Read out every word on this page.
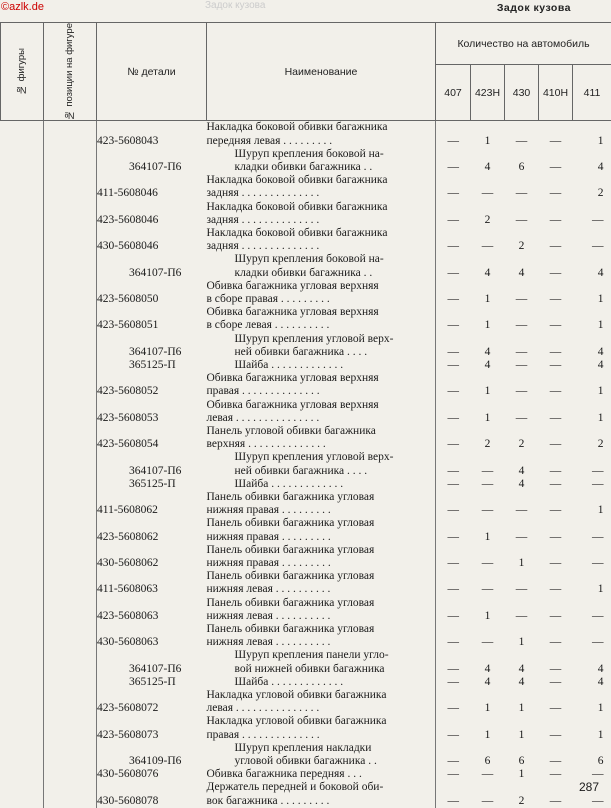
©azlk.de	Задок кузова	Задок кузова
№ фигуры	№ позиции на фигуре	№ детали	Наименование	Количество на автомобиль				
				407	423Н	430	410Н	411
		423-5608043	Накладка боковой обивки багажника
передняя левая . . . . . . . . .	—	1	—	—	1
		364107-П6	Шуруп крепления боковой на-
кладки обивки багажника . .	—	4	6	—	4
		411-5608046	Накладка боковой обивки багажника
задняя . . . . . . . . . . . . . .	—	—	—	—	2
		423-5608046	Накладка боковой обивки багажника
задняя . . . . . . . . . . . . . .	—	2	—	—	—
		430-5608046	Накладка боковой обивки багажника
задняя . . . . . . . . . . . . . .	—	—	2	—	—
		364107-П6	Шуруп крепления боковой на-
кладки обивки багажника . .	—	4	4	—	4
		423-5608050	Обивка багажника угловая верхняя
в сборе правая . . . . . . . . .	—	1	—	—	1
		423-5608051	Обивка багажника угловая верхняя
в сборе левая . . . . . . . . . .	—	1	—	—	1
		364107-П6	Шуруп крепления угловой верх-
ней обивки багажника . . . .	—	4	—	—	4
		365125-П	Шайба . . . . . . . . . . . . .	—	4	—	—	4
		423-5608052	Обивка багажника угловая верхняя
правая . . . . . . . . . . . . . .	—	1	—	—	1
		423-5608053	Обивка багажника угловая верхняя
левая . . . . . . . . . . . . . . .	—	1	—	—	1
		423-5608054	Панель угловой обивки багажника
верхняя . . . . . . . . . . . . . .	—	2	2	—	2
		364107-П6	Шуруп крепления угловой верх-
ней обивки багажника . . . .	—	—	4	—	—
		365125-П	Шайба . . . . . . . . . . . . .	—	—	4	—	—
		411-5608062	Панель обивки багажника угловая
нижняя правая . . . . . . . . .	—	—	—	—	1
		423-5608062	Панель обивки багажника угловая
нижняя правая . . . . . . . . .	—	1	—	—	—
		430-5608062	Панель обивки багажника угловая
нижняя правая . . . . . . . . .	—	—	1	—	—
		411-5608063	Панель обивки багажника угловая
нижняя левая . . . . . . . . . .	—	—	—	—	1
		423-5608063	Панель обивки багажника угловая
нижняя левая . . . . . . . . . .	—	1	—	—	—
		430-5608063	Панель обивки багажника угловая
нижняя левая . . . . . . . . . .	—	—	1	—	—
		364107-П6	Шуруп крепления панели угло-
вой нижней обивки багажника	—	4	4	—	4
		365125-П	Шайба . . . . . . . . . . . . .	—	4	4	—	4
		423-5608072	Накладка угловой обивки багажника
левая . . . . . . . . . . . . . . .	—	1	1	—	1
		423-5608073	Накладка угловой обивки багажника
правая . . . . . . . . . . . . . .	—	1	1	—	1
		364109-П6	Шуруп крепления накладки
угловой обивки багажника . .	—	6	6	—	6
		430-5608076	Обивка багажника передняя . . .	—	—	1	—	—
		430-5608078	Держатель передней и боковой оби-
вок багажника . . . . . . . . .	—	—	2	—	—
287
